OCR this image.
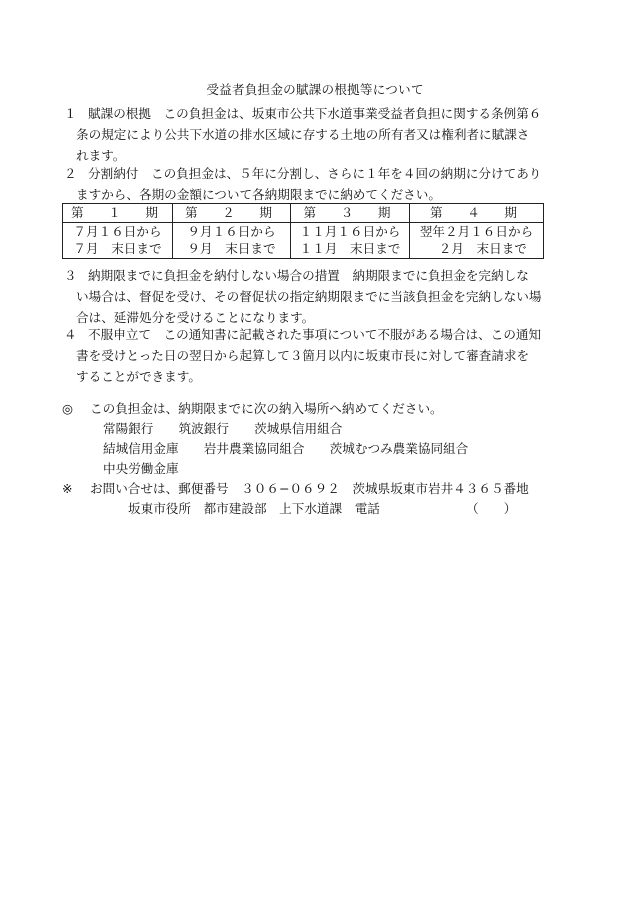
受益者負担金の賦課の根拠等について
１ 賦課の根拠　この負担金は、坂東市公共下水道事業受益者負担に関する条例第６
条の規定により公共下水道の排水区域に存する土地の所有者又は権利者に賦課さ
れます。
２ 分割納付　この負担金は、５年に分割し、さらに１年を４回の納期に分けてあり
ますから、各期の金額について各納期限までに納めてください。
第　１　期	第　２　期	第　３　期	第　４　期
７月１６日から	９月１６日から	１１月１６日から	翌年２月１６日から
７月　末日まで	９月　末日まで	１１月　末日まで	　２月　末日まで
３ 納期限までに負担金を納付しない場合の措置　納期限までに負担金を完納しな
い場合は、督促を受け、その督促状の指定納期限までに当該負担金を完納しない場
合は、延滞処分を受けることになります。
４ 不服申立て　この通知書に記載された事項について不服がある場合は、この通知
書を受けとった日の翌日から起算して３箇月以内に坂東市長に対して審査請求を
することができます。
◎ この負担金は、納期限までに次の納入場所へ納めてください。
常陽銀行　　筑波銀行　　茨城県信用組合
結城信用金庫　　岩井農業協同組合　　茨城むつみ農業協同組合
中央労働金庫
※ お問い合せは、郵便番号　３０６−０６９２　茨城県坂東市岩井４３６５番地
坂東市役所　都市建設部　上下水道課　電話	（　　）
